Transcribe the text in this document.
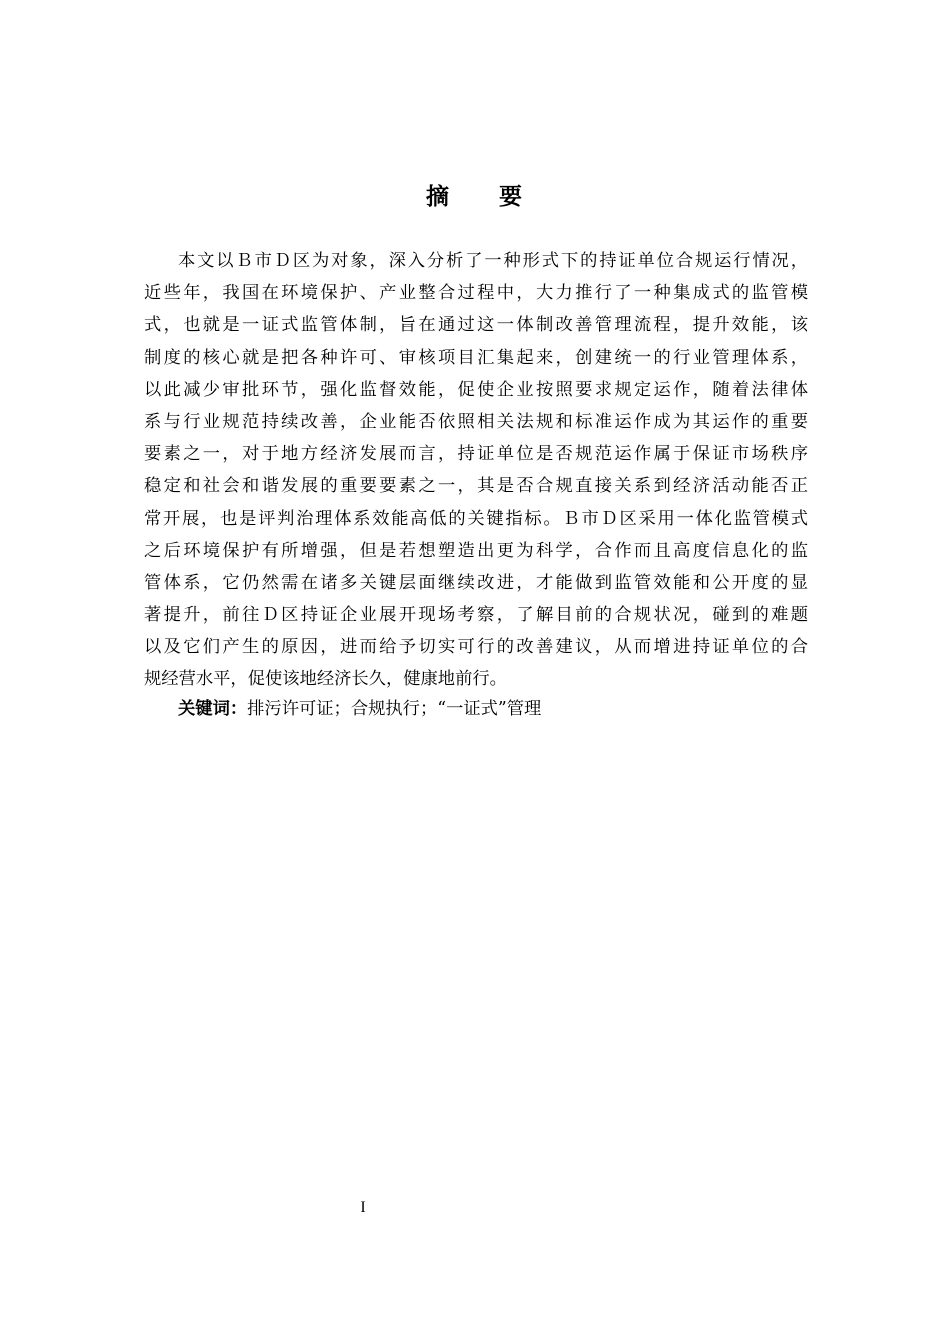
摘 要
本文以Ｂ市Ｄ区为对象，深入分析了一种形式下的持证单位合规运行情况，
近些年，我国在环境保护、产业整合过程中，大力推行了一种集成式的监管模
式，也就是一证式监管体制，旨在通过这一体制改善管理流程，提升效能，该
制度的核心就是把各种许可、审核项目汇集起来，创建统一的行业管理体系，
以此减少审批环节，强化监督效能，促使企业按照要求规定运作，随着法律体
系与行业规范持续改善，企业能否依照相关法规和标准运作成为其运作的重要
要素之一，对于地方经济发展而言，持证单位是否规范运作属于保证市场秩序
稳定和社会和谐发展的重要要素之一，其是否合规直接关系到经济活动能否正
常开展，也是评判治理体系效能高低的关键指标。Ｂ市Ｄ区采用一体化监管模式
之后环境保护有所增强，但是若想塑造出更为科学，合作而且高度信息化的监
管体系，它仍然需在诸多关键层面继续改进，才能做到监管效能和公开度的显
著提升，前往Ｄ区持证企业展开现场考察，了解目前的合规状况，碰到的难题
以及它们产生的原因，进而给予切实可行的改善建议，从而增进持证单位的合
规经营水平，促使该地经济长久，健康地前行。
关键词：排污许可证；合规执行；“一证式”管理
I
